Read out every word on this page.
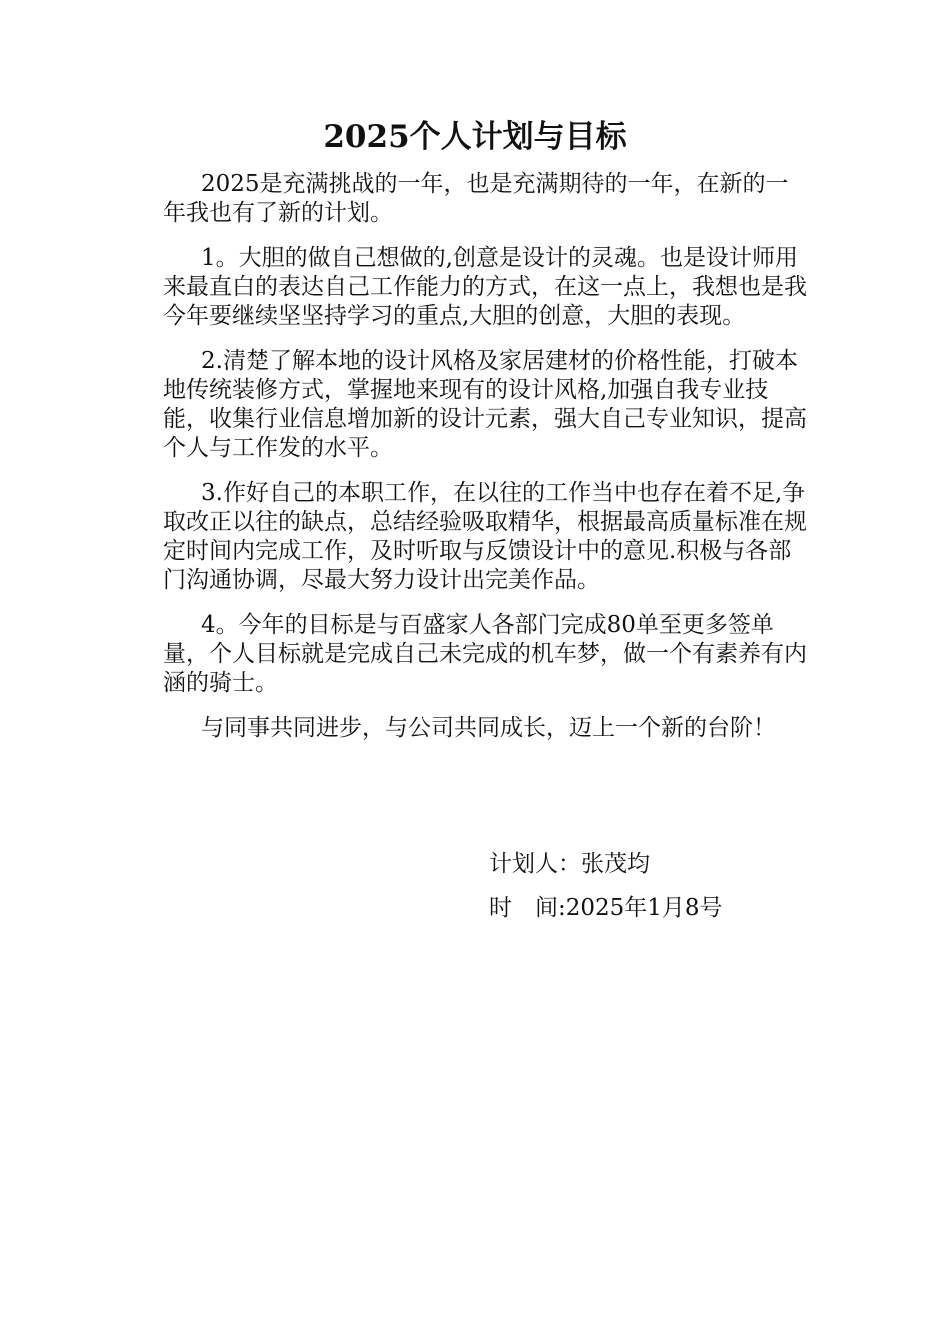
2025个人计划与目标

2025是充满挑战的一年，也是充满期待的一年，在新的一年我也有了新的计划。

1。大胆的做自己想做的,创意是设计的灵魂。也是设计师用来最直白的表达自己工作能力的方式，在这一点上，我想也是我今年要继续坚坚持学习的重点,大胆的创意，大胆的表现。

2.清楚了解本地的设计风格及家居建材的价格性能，打破本地传统装修方式，掌握地来现有的设计风格,加强自我专业技能，收集行业信息增加新的设计元素，强大自己专业知识，提高个人与工作发的水平。

3.作好自己的本职工作，在以往的工作当中也存在着不足,争取改正以往的缺点，总结经验吸取精华，根据最高质量标准在规定时间内完成工作，及时听取与反馈设计中的意见.积极与各部门沟通协调，尽最大努力设计出完美作品。

4。今年的目标是与百盛家人各部门完成80单至更多签单量，个人目标就是完成自己未完成的机车梦，做一个有素养有内涵的骑士。

与同事共同进步，与公司共同成长，迈上一个新的台阶！

计划人：张茂均
时　间:2025年1月8号
